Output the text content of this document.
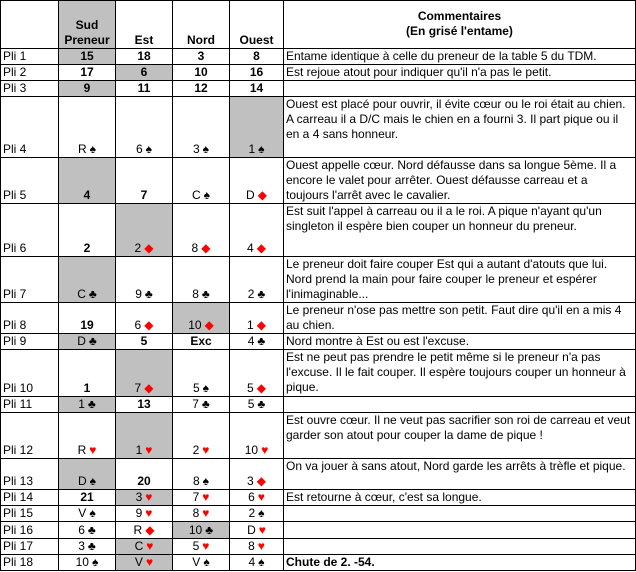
	Sud Preneur	Est	Nord	Ouest	Commentaires
(En grisé l'entame)

Pli 1	15	18	3	8	Entame identique à celle du preneur de la table 5 du TDM.
Pli 2	17	6	10	16	Est rejoue atout pour indiquer qu'il n'a pas le petit.
Pli 3	9	11	12	14	
Pli 4	R ♠	6 ♠	3 ♠	1 ♠	Ouest est placé pour ouvrir, il évite cœur ou le roi était au chien. A carreau il a D/C mais le chien en a fourni 3. Il part pique ou il en a 4 sans honneur.
Pli 5	4	7	C ♠	D ◆	Ouest appelle cœur. Nord défausse dans sa longue 5ème. Il a encore le valet pour arrêter. Ouest défausse carreau et a toujours l'arrêt avec le cavalier.
Pli 6	2	2 ◆	8 ◆	4 ◆	Est suit l'appel à carreau ou il a le roi. A pique n'ayant qu'un singleton il espère bien couper un honneur du preneur.
Pli 7	C ♣	9 ♣	8 ♣	2 ♣	Le preneur doit faire couper Est qui a autant d'atouts que lui. Nord prend la main pour faire couper le preneur et espérer l'inimaginable...
Pli 8	19	6 ◆	10 ◆	1 ◆	Le preneur n'ose pas mettre son petit. Faut dire qu'il en a mis 4 au chien.
Pli 9	D ♣	5	Exc	4 ♣	Nord montre à Est ou est l'excuse.
Pli 10	1	7 ◆	5 ♠	5 ◆	Est ne peut pas prendre le petit même si le preneur n'a pas l'excuse. Il le fait couper. Il espère toujours couper un honneur à pique.
Pli 11	1 ♣	13	7 ♣	5 ♣	
Pli 12	R ♥	1 ♥	2 ♥	10 ♥	Est ouvre cœur. Il ne veut pas sacrifier son roi de carreau et veut garder son atout pour couper la dame de pique !
Pli 13	D ♠	20	8 ♠	3 ◆	On va jouer à sans atout, Nord garde les arrêts à trèfle et pique.
Pli 14	21	3 ♥	7 ♥	6 ♥	Est retourne à cœur, c'est sa longue.
Pli 15	V ♠	9 ♥	8 ♥	2 ♠	
Pli 16	6 ♣	R ◆	10 ♣	D ♥	
Pli 17	3 ♣	C ♥	5 ♥	8 ♥	
Pli 18	10 ♠	V ♥	V ♠	4 ♠	Chute de 2. -54.
